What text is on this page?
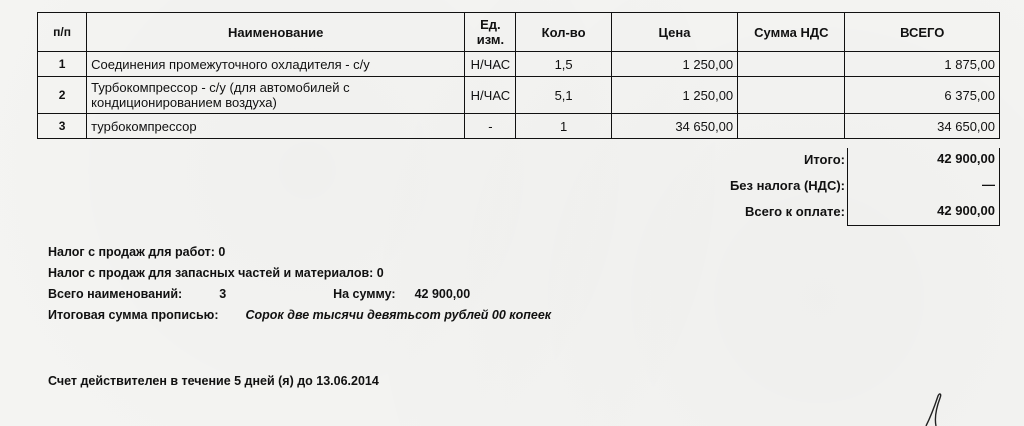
п/п	Наименование	Ед. изм.	Кол-во	Цена	Сумма НДС	ВСЕГО
1	Соединения промежуточного охладителя - с/у	Н/ЧАС	1,5	1 250,00		1 875,00
2	Турбокомпрессор - с/у (для автомобилей с кондиционированием воздуха)	Н/ЧАС	5,1	1 250,00		6 375,00
3	турбокомпрессор	-	1	34 650,00		34 650,00
Итого:	42 900,00
Без налога (НДС):	—
Всего к оплате:	42 900,00
Налог с продаж для работ: 0
Налог с продаж для запасных частей и материалов: 0
Всего наименований:	3	На сумму: 42 900,00
Итоговая сумма прописью: Сорок две тысячи девятьсот рублей 00 копеек
Счет действителен в течение 5 дней (я) до 13.06.2014
